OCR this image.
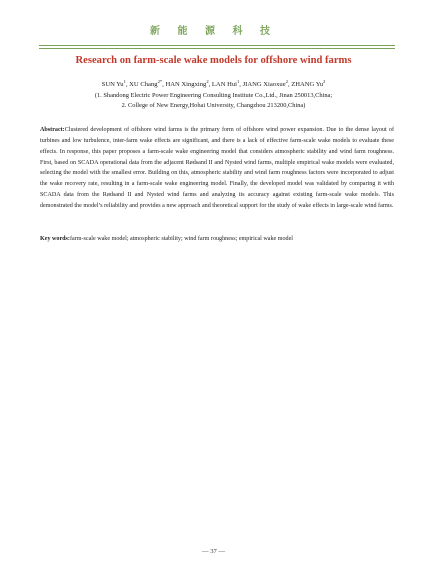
新 能 源 科 技
Research on farm-scale wake models for offshore wind farms
SUN Yu$^1$, XU Chang$^{2*}$, HAN Xingxing$^2$, LAN Hui$^1$, JIANG Xiaoxue$^2$, ZHANG Yu$^2$
(1. Shandong Electric Power Engineering Consulting Institute Co.,Ltd., Jinan 250013,China;
2. College of New Energy,Hohai University, Changzhou 213200,China)
Abstract:Clustered development of offshore wind farms is the primary form of offshore wind power expansion. Due to the dense layout of turbines and low turbulence, inter-farm wake effects are significant, and there is a lack of effective farm-scale wake models to evaluate these effects. In response, this paper proposes a farm-scale wake engineering model that considers atmospheric stability and wind farm roughness. First, based on SCADA operational data from the adjacent Rødsand II and Nysted wind farms, multiple empirical wake models were evaluated, selecting the model with the smallest error. Building on this, atmospheric stability and wind farm roughness factors were incorporated to adjust the wake recovery rate, resulting in a farm-scale wake engineering model. Finally, the developed model was validated by comparing it with SCADA data from the Rødsand II and Nysted wind farms and analyzing its accuracy against existing farm-scale wake models. This demonstrated the model’s reliability and provides a new approach and theoretical support for the study of wake effects in large-scale wind farms.
Key words:farm-scale wake model; atmospheric stability; wind farm roughness; empirical wake model
— 37 —
